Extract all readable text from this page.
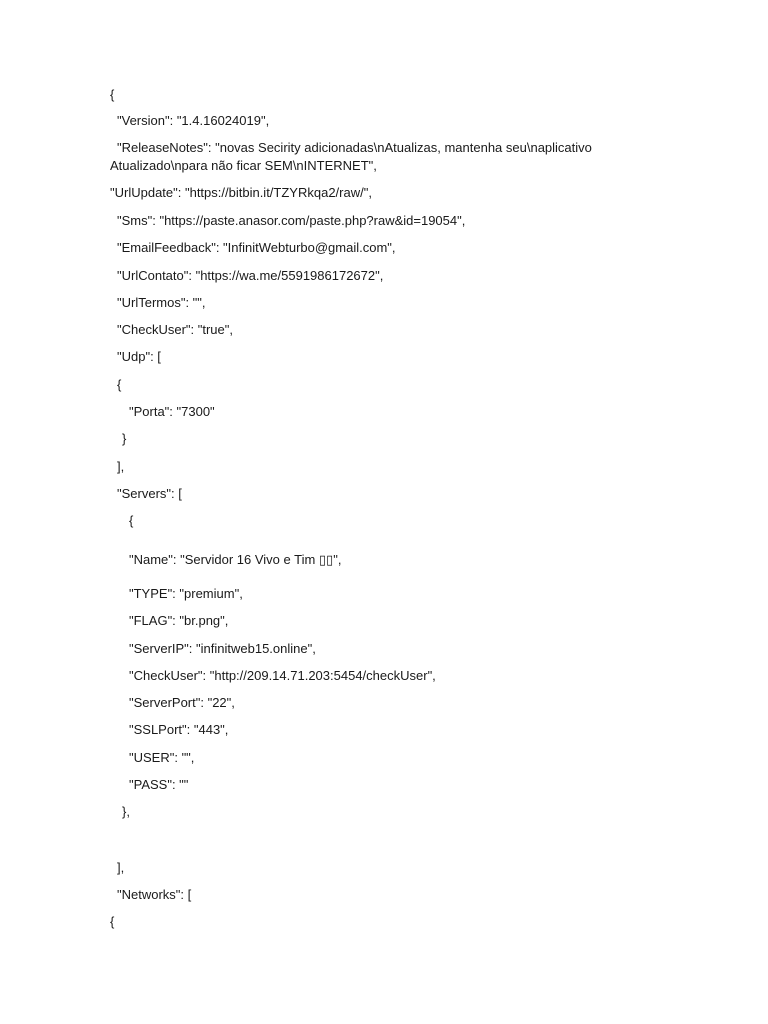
{

"Version": "1.4.16024019",

"ReleaseNotes": "novas Secirity adicionadas\nAtualizas, mantenha seu\naplicativo

Atualizado\npara não ficar SEM\nINTERNET",

"UrlUpdate": "https://bitbin.it/TZYRkqa2/raw/",

"Sms": "https://paste.anasor.com/paste.php?raw&id=19054",

"EmailFeedback": "InfinitWebturbo@gmail.com",

"UrlContato": "https://wa.me/5591986172672",

"UrlTermos": "",

"CheckUser": "true",

"Udp": [

{

"Porta": "7300"

}

],

"Servers": [

{

"Name": "Servidor 16 Vivo e Tim ▯▯",

"TYPE": "premium",

"FLAG": "br.png",

"ServerIP": "infinitweb15.online",

"CheckUser": "http://209.14.71.203:5454/checkUser",

"ServerPort": "22",

"SSLPort": "443",

"USER": "",

"PASS": ""

},

],

"Networks": [

{
